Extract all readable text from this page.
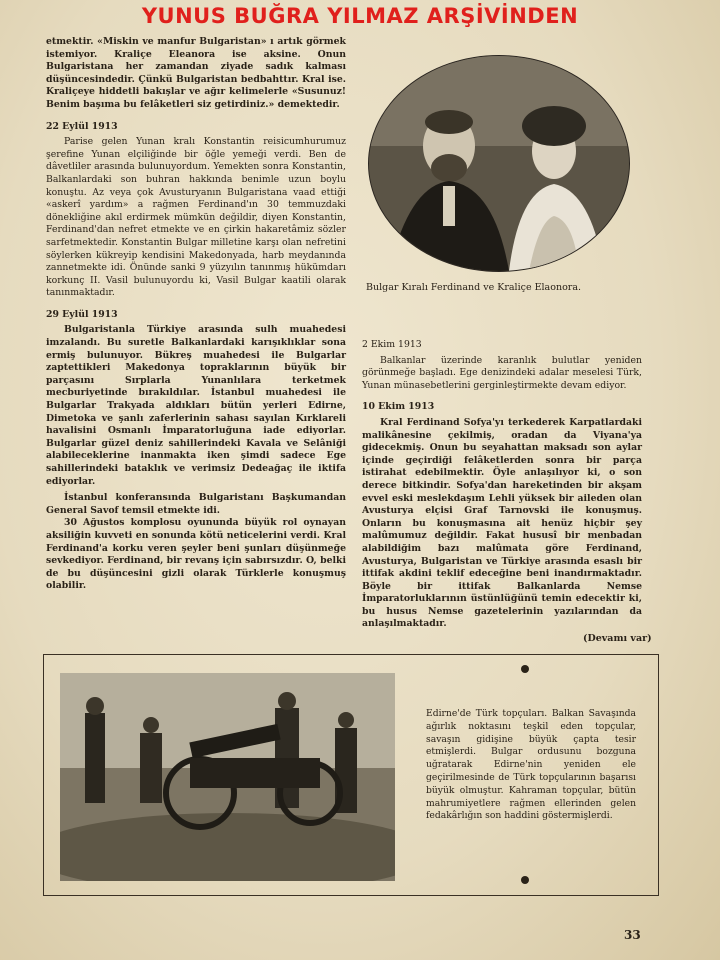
YUNUS BUĞRA YILMAZ ARŞİVİNDEN

etmektir. «Miskin ve manfur Bulgaristan» ı artık görmek istemiyor. Kraliçe Eleanora ise aksine. Onun Bulgaristana her zamandan ziyade sadık kalması düşüncesindedir. Çünkü Bulgaristan bedbahttır. Kral ise. Kraliçeye hiddetli bakışlar ve ağır kelimelerle «Susunuz! Benim başıma bu felâketleri siz getirdiniz.» demektedir.

22 Eylül 1913

Parise gelen Yunan kralı Konstantin reisicumhurumuz şerefine Yunan elçiliğinde bir öğle yemeği verdi. Ben de dâvetliler arasında bulunuyordum. Yemekten sonra Konstantin, Balkanlardaki son buhran hakkında benimle uzun boylu konuştu. Az veya çok Avusturyanın Bulgaristana vaad ettiği «askerî yardım» a rağmen Ferdinand'ın 30 temmuzdaki dönekliğine akıl erdirmek mümkün değildir, diyen Konstantin, Ferdinand'dan nefret etmekte ve en çirkin hakaretâmiz sözler sarfetmektedir. Konstantin Bulgar milletine karşı olan nefretini söylerken kükreyip kendisini Makedonyada, harb meydanında zannetmekte idi. Önünde sanki 9 yüzyılın tanınmış hükümdarı korkunç II. Vasil bulunuyordu ki, Vasil Bulgar kaatili olarak tanınmaktadır.

29 Eylül 1913

Bulgaristanla Türkiye arasında sulh muahedesi imzalandı. Bu suretle Balkanlardaki karışıklıklar sona ermiş bulunuyor. Bükreş muahedesi ile Bulgarlar zaptettikleri Makedonya topraklarının büyük bir parçasını Sırplarla Yunanlılara terketmek mecburiyetinde bırakıldılar. İstanbul muahedesi ile Bulgarlar Trakyada aldıkları bütün yerleri Edirne, Dimetoka ve şanlı zaferlerinin sahası sayılan Kırklareli havalisini Osmanlı İmparatorluğuna iade ediyorlar. Bulgarlar güzel deniz sahillerindeki Kavala ve Selâniği alabileceklerine inanmakta iken şimdi sadece Ege sahillerindeki bataklık ve verimsiz Dedeağaç ile iktifa ediyorlar.

İstanbul konferansında Bulgaristanı Başkumandan General Savof temsil etmekte idi.

30 Ağustos komplosu oyununda büyük rol oynayan aksiliğin kuvveti en sonunda kötü neticelerini verdi. Kral Ferdinand'a korku veren şeyler beni şunları düşünmeğe sevkediyor. Ferdinand, bir revanş için sabırsızdır. O, belki de bu düşüncesini gizli olarak Türklerle konuşmuş olabilir.

Bulgar Kıralı Ferdinand ve Kraliçe Elaonora.

2 Ekim 1913

Balkanlar üzerinde karanlık bulutlar yeniden görünmeğe başladı. Ege denizindeki adalar meselesi Türk, Yunan münasebetlerini gerginleştirmekte devam ediyor.

10 Ekim 1913

Kral Ferdinand Sofya'yı terkederek Karpatlardaki malikânesine çekilmiş, oradan da Viyana'ya gidecekmiş. Onun bu seyahattan maksadı son aylar içinde geçirdiği felâketlerden sonra bir parça istirahat edebilmektir. Öyle anlaşılıyor ki, o son derece bitkindir. Sofya'dan hareketinden bir akşam evvel eski meslekdaşım Lehli yüksek bir aileden olan Avusturya elçisi Graf Tarnovski ile konuşmuş. Onların bu konuşmasına ait henüz hiçbir şey malûmumuz değildir. Fakat hususî bir menbadan alabildiğim bazı malûmata göre Ferdinand, Avusturya, Bulgaristan ve Türkiye arasında esaslı bir ittifak akdini teklif edeceğine beni inandırmaktadır. Böyle bir ittifak Balkanlarda Nemse İmparatorluklarının üstünlüğünü temin edecektir ki, bu husus Nemse gazetelerinin yazılarından da anlaşılmaktadır.

(Devamı var)
Edirne'de Türk topçuları. Balkan Savaşında ağırlık noktasını teşkil eden topçular, savaşın gidişine büyük çapta tesir etmişlerdi. Bulgar ordusunu bozguna uğratarak Edirne'nin yeniden ele geçirilmesinde de Türk topçularının başarısı büyük olmuştur. Kahraman topçular, bütün mahrumiyetlere rağmen ellerinden gelen fedakârlığın son haddini göstermişlerdi.
33
